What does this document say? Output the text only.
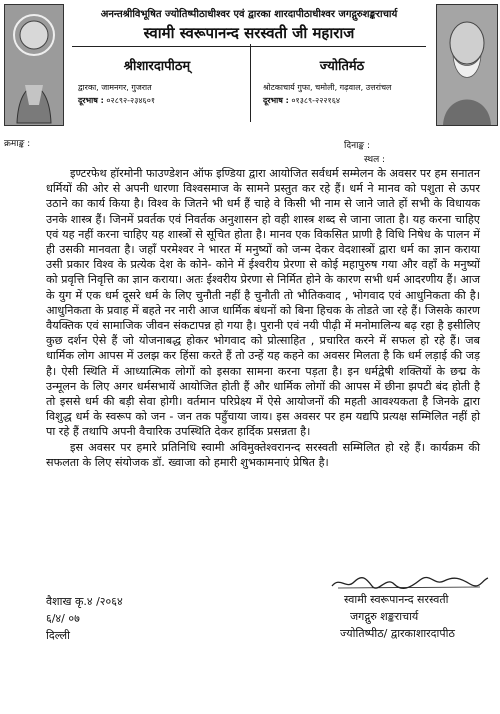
अनन्तश्रीविभूषित ज्योतिष्पीठाधीश्वर एवं द्वारका शारदापीठाधीश्वर जगद्गुरुशङ्कराचार्य
स्वामी स्वरूपानन्द सरस्वती जी महाराज
श्रीशारदापीठम्
द्वारका, जामनगर, गुजरात
दूरभाष : ०२८९२-२३४६०१
ज्योतिर्मठ
श्रोटकाचार्य गुफा, चमोली, गढ़वाल, उत्तरांचल
दूरभाष : ०१३८९-२२२१६४
क्रमाङ्क :	दिनाङ्क :
स्थल :

इण्टरफेथ हॉरमोनी फाउण्डेशन ऑफ इण्डिया द्वारा आयोजित सर्वधर्म सम्मेलन के अवसर पर हम सनातन धर्मियों की ओर से अपनी धारणा विश्वसमाज के सामने प्रस्तुत कर रहे हैं। धर्म ने मानव को पशुता से ऊपर उठाने का कार्य किया है। विश्व के जितने भी धर्म हैं चाहे वे किसी भी नाम से जाने जाते हों सभी के विधायक उनके शास्त्र हैं। जिनमें प्रवर्तक एवं निवर्तक अनुशासन हो वही शास्त्र शब्द से जाना जाता है। यह करना चाहिए एवं यह नहीं करना चाहिए यह शास्त्रों से सूचित होता है। मानव एक विकसित प्राणी है विधि निषेध के पालन में ही उसकी मानवता है। जहाँ परमेश्वर ने भारत में मनुष्यों को जन्म देकर वेदशास्त्रों द्वारा धर्म का ज्ञान कराया उसी प्रकार विश्व के प्रत्येक देश के कोने- कोने में ईश्वरीय प्रेरणा से कोई महापुरुष गया और वहाँ के मनुष्यों को प्रवृत्ति निवृत्ति का ज्ञान कराया। अतः ईश्वरीय प्रेरणा से निर्मित होने के कारण सभी धर्म आदरणीय हैं। आज के युग में एक धर्म दूसरे धर्म के लिए चुनौती नहीं है चुनौती तो भौतिकवाद , भोगवाद एवं आधुनिकता की है। आधुनिकता के प्रवाह में बहते नर नारी आज धार्मिक बंधनों को बिना हिचक के तोडते जा रहे हैं। जिसके कारण वैयक्तिक एवं सामाजिक जीवन संकटापन्न हो गया है। पुरानी एवं नयी पीढ़ी में मनोमालिन्य बढ़ रहा है इसीलिए कुछ दर्शन ऐसे हैं जो योजनाबद्ध होकर भोगवाद को प्रोत्साहित , प्रचारित करने में सफल हो रहे हैं। जब धार्मिक लोग आपस में उलझ कर हिंसा करते हैं तो उन्हें यह कहने का अवसर मिलता है कि धर्म लड़ाई की जड़ है। ऐसी स्थिति में आध्यात्मिक लोगों को इसका सामना करना पड़ता है। इन धर्मद्वेषी शक्तियों के छद्म के उन्मूलन के लिए अगर धर्मसभायें आयोजित होती हैं और धार्मिक लोगों की आपस में छीना झपटी बंद होती है तो इससे धर्म की बड़ी सेवा होगी। वर्तमान परिप्रेक्ष्य में ऐसे आयोजनों की महती आवश्यकता है जिनके द्वारा विशुद्ध धर्म के स्वरूप को जन - जन तक पहुँचाया जाय। इस अवसर पर हम यद्यपि प्रत्यक्ष सम्मिलित नहीं हो पा रहे हैं तथापि अपनी वैचारिक उपस्थिति देकर हार्दिक प्रसन्नता है।

इस अवसर पर हमारे प्रतिनिधि स्वामी अविमुक्तेश्वरानन्द सरस्वती सम्मिलित हो रहे हैं। कार्यक्रम की सफलता के लिए संयोजक डॉ. ख्वाजा को हमारी शुभकामनाएं प्रेषित है।

वैशाख कृ.४ /२०६४
६/४/ ०७
दिल्ली
स्वामी स्वरूपानन्द सरस्वती
जगद्गुरु शङ्कराचार्य
ज्योतिष्पीठ/ द्वारकाशारदापीठ
